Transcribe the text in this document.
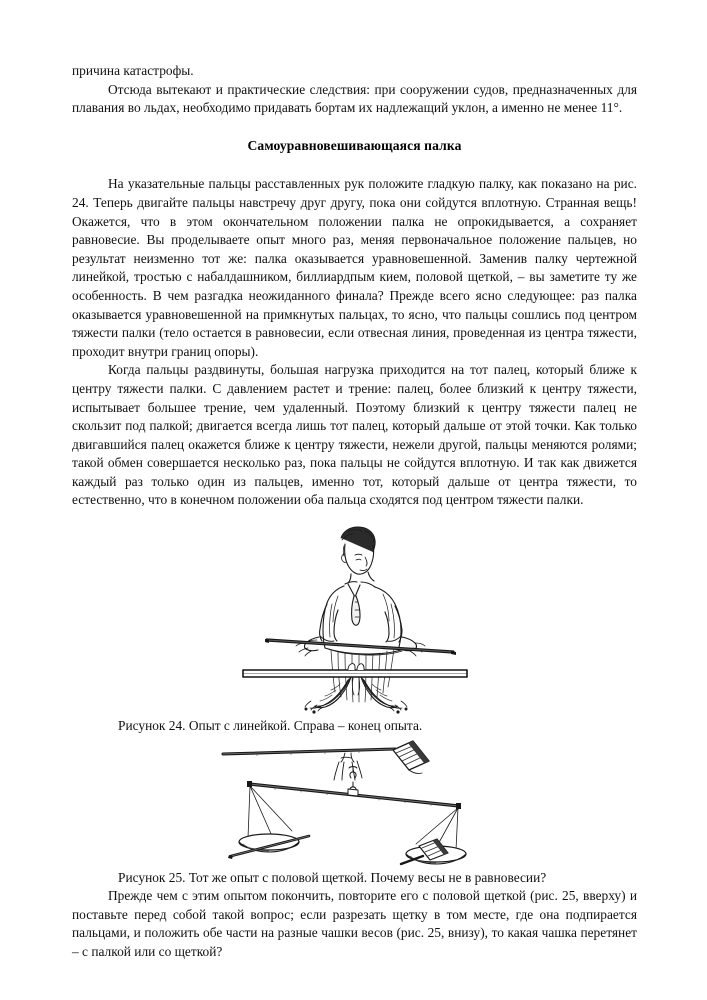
причина катастрофы.

Отсюда вытекают и практические следствия: при сооружении судов, предназначенных для плавания во льдах, необходимо придавать бортам их надлежащий уклон, а именно не менее 11°.

Самоуравновешивающаяся палка

На указательные пальцы расставленных рук положите гладкую палку, как показано на рис. 24. Теперь двигайте пальцы навстречу друг другу, пока они сойдутся вплотную. Странная вещь! Окажется, что в этом окончательном положении палка не опрокидывается, а сохраняет равновесие. Вы проделываете опыт много раз, меняя первоначальное положение пальцев, но результат неизменно тот же: палка оказывается уравновешенной. Заменив палку чертежной линейкой, тростью с набалдашником, биллиардпым кием, половой щеткой, – вы заметите ту же особенность. В чем разгадка неожиданного финала? Прежде всего ясно следующее: раз палка оказывается уравновешенной на примкнутых пальцах, то ясно, что пальцы сошлись под центром тяжести палки (тело остается в равновесии, если отвесная линия, проведенная из центра тяжести, проходит внутри границ опоры).

Когда пальцы раздвинуты, большая нагрузка приходится на тот палец, который ближе к центру тяжести палки. С давлением растет и трение: палец, более близкий к центру тяжести, испытывает большее трение, чем удаленный. Поэтому близкий к центру тяжести палец не скользит под палкой; двигается всегда лишь тот палец, который дальше от этой точки. Как только двигавшийся палец окажется ближе к центру тяжести, нежели другой, пальцы меняются ролями; такой обмен совершается несколько раз, пока пальцы не сойдутся вплотную. И так как движется каждый раз только один из пальцев, именно тот, который дальше от центра тяжести, то естественно, что в конечном положении оба пальца сходятся под центром тяжести палки.

Рисунок 24. Опыт с линейкой. Справа – конец опыта.

Рисунок 25. Тот же опыт с половой щеткой. Почему весы не в равновесии?

Прежде чем с этим опытом покончить, повторите его с половой щеткой (рис. 25, вверху) и поставьте перед собой такой вопрос; если разрезать щетку в том месте, где она подпирается пальцами, и положить обе части на разные чашки весов (рис. 25, внизу), то какая чашка перетянет – с палкой или со щеткой?
